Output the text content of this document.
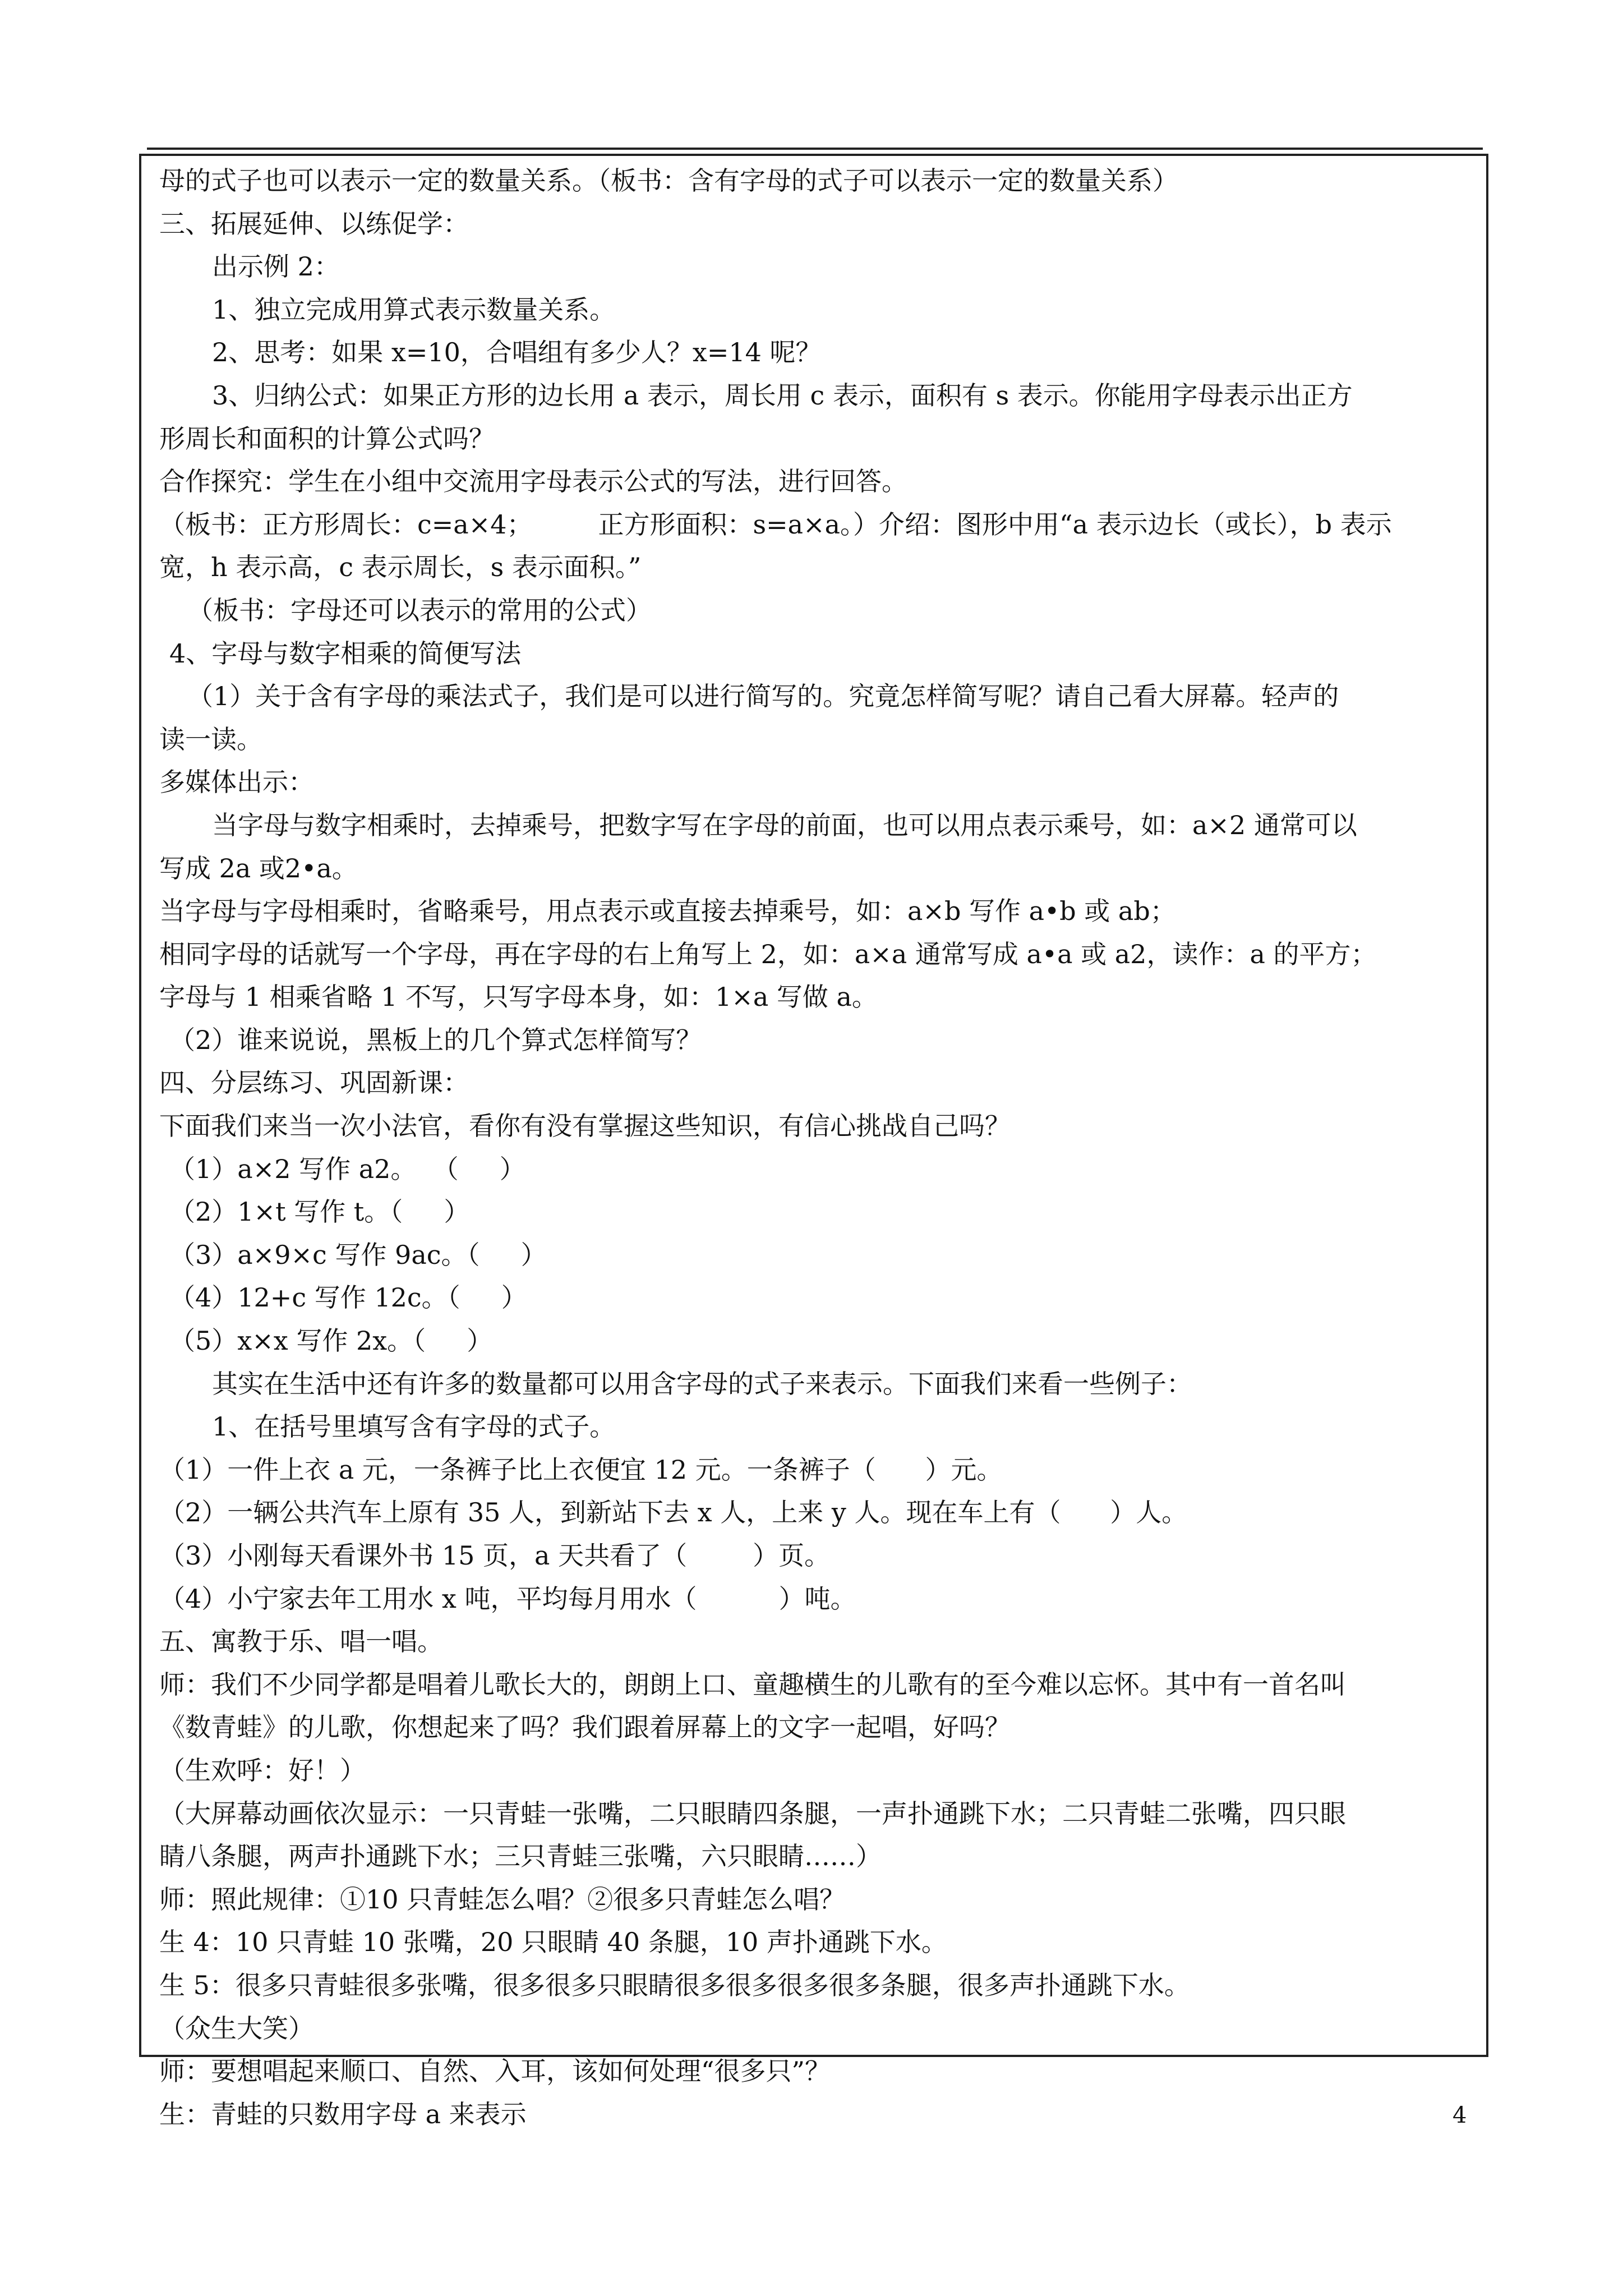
母的式子也可以表示一定的数量关系。（板书：含有字母的式子可以表示一定的数量关系）
三、拓展延伸、以练促学：
出示例 2：
1、独立完成用算式表示数量关系。
2、思考：如果 x=10，合唱组有多少人？x=14 呢？
3、归纳公式：如果正方形的边长用 a 表示，周长用 c 表示，面积有 s 表示。你能用字母表示出正方
形周长和面积的计算公式吗？
合作探究：学生在小组中交流用字母表示公式的写法，进行回答。
（板书：正方形周长：c=a×4；        正方形面积：s=a×a。）介绍：图形中用“a 表示边长（或长），b 表示
宽，h 表示高，c 表示周长，s 表示面积。”
（板书：字母还可以表示的常用的公式）
4、字母与数字相乘的简便写法
（1）关于含有字母的乘法式子，我们是可以进行简写的。究竟怎样简写呢？请自己看大屏幕。轻声的
读一读。
多媒体出示：
当字母与数字相乘时，去掉乘号，把数字写在字母的前面，也可以用点表示乘号，如：a×2 通常可以
写成 2a 或2•a。
当字母与字母相乘时，省略乘号，用点表示或直接去掉乘号，如：a×b 写作 a•b 或 ab；
相同字母的话就写一个字母，再在字母的右上角写上 2，如：a×a 通常写成 a•a 或 a2，读作：a 的平方；
字母与 1 相乘省略 1 不写，只写字母本身，如：1×a 写做 a。
（2）谁来说说，黑板上的几个算式怎样简写？
四、分层练习、巩固新课：
下面我们来当一次小法官，看你有没有掌握这些知识，有信心挑战自己吗？
（1）a×2 写作 a2。  （     ）
（2）1×t 写作 t。（     ）
（3）a×9×c 写作 9ac。（     ）
（4）12+c 写作 12c。（     ）
（5）x×x 写作 2x。（     ）
其实在生活中还有许多的数量都可以用含字母的式子来表示。下面我们来看一些例子：
1、在括号里填写含有字母的式子。
（1）一件上衣 a 元，一条裤子比上衣便宜 12 元。一条裤子（      ）元。
（2）一辆公共汽车上原有 35 人，到新站下去 x 人，上来 y 人。现在车上有（      ）人。
（3）小刚每天看课外书 15 页，a 天共看了（        ）页。
（4）小宁家去年工用水 x 吨，平均每月用水（          ）吨。
五、寓教于乐、唱一唱。
师：我们不少同学都是唱着儿歌长大的，朗朗上口、童趣横生的儿歌有的至今难以忘怀。其中有一首名叫
《数青蛙》的儿歌，你想起来了吗？我们跟着屏幕上的文字一起唱，好吗？
（生欢呼：好！）
（大屏幕动画依次显示：一只青蛙一张嘴，二只眼睛四条腿，一声扑通跳下水；二只青蛙二张嘴，四只眼
睛八条腿，两声扑通跳下水；三只青蛙三张嘴，六只眼睛……）
师：照此规律：①10 只青蛙怎么唱？②很多只青蛙怎么唱？
生 4：10 只青蛙 10 张嘴，20 只眼睛 40 条腿，10 声扑通跳下水。
生 5：很多只青蛙很多张嘴，很多很多只眼睛很多很多很多很多条腿，很多声扑通跳下水。
（众生大笑）
师：要想唱起来顺口、自然、入耳，该如何处理“很多只”？
生：青蛙的只数用字母 a 来表示	4
